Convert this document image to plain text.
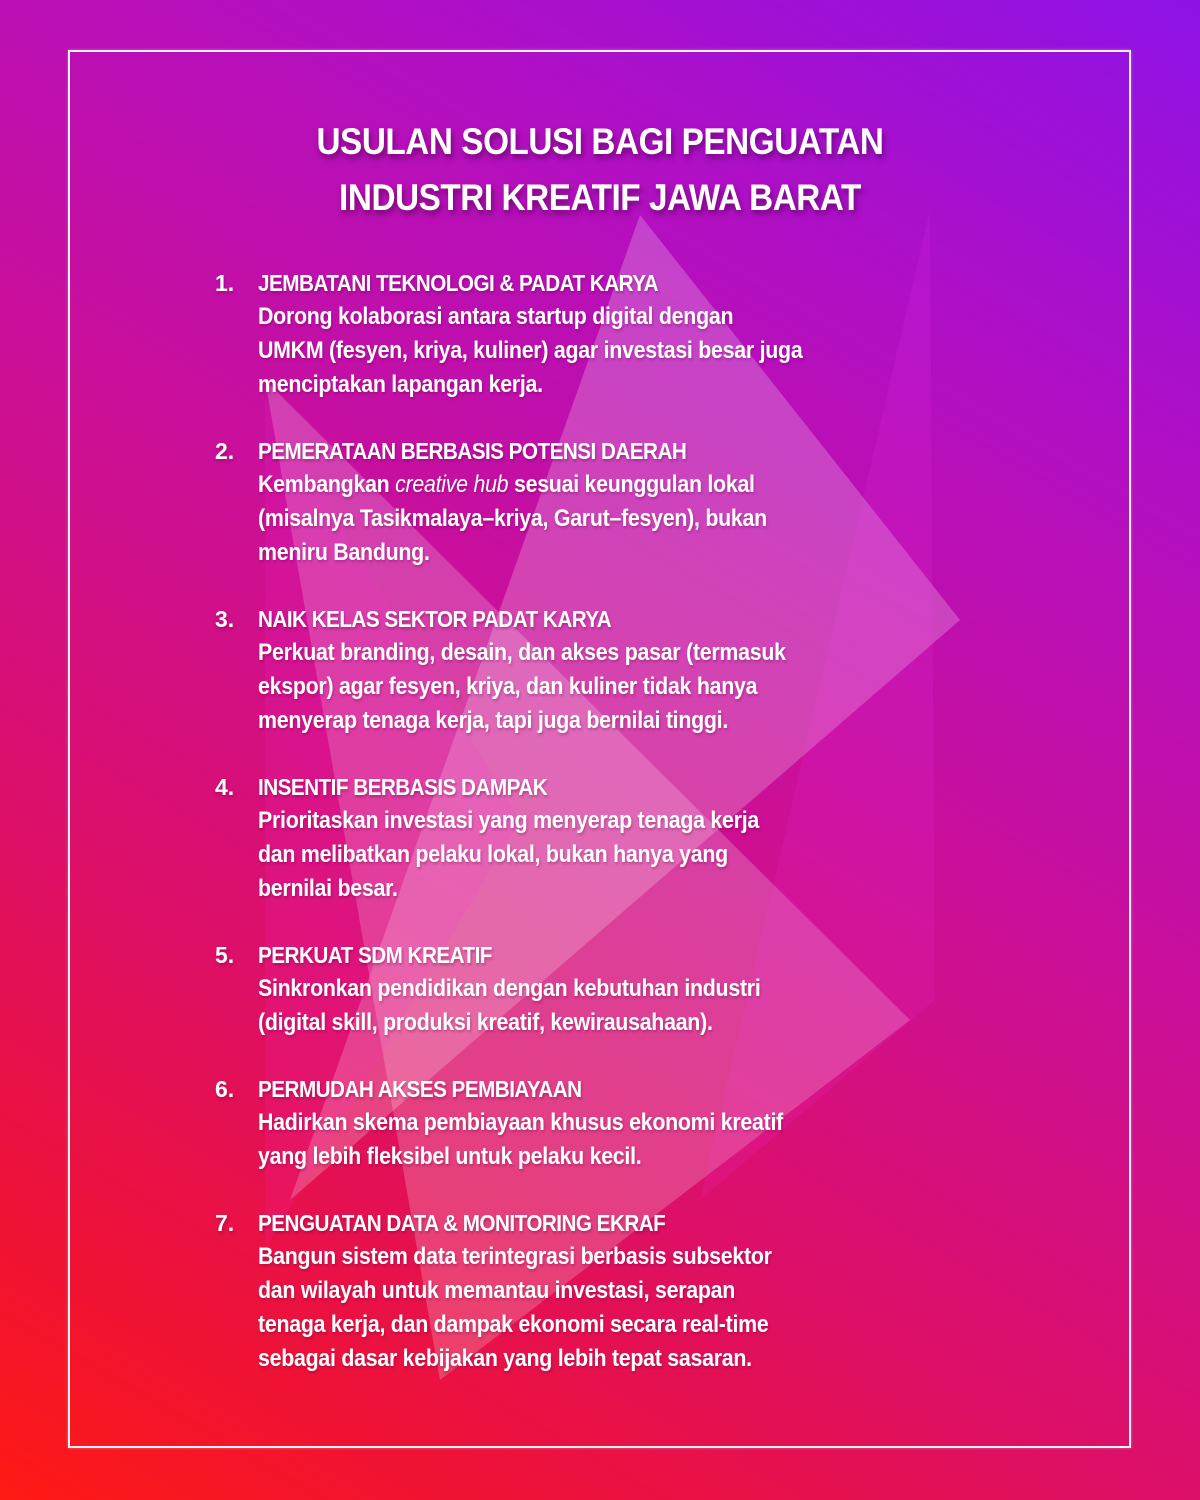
USULAN SOLUSI BAGI PENGUATAN
INDUSTRI KREATIF JAWA BARAT
1. JEMBATANI TEKNOLOGI & PADAT KARYA
Dorong kolaborasi antara startup digital dengan
UMKM (fesyen, kriya, kuliner) agar investasi besar juga
menciptakan lapangan kerja.
2. PEMERATAAN BERBASIS POTENSI DAERAH
Kembangkan creative hub sesuai keunggulan lokal
(misalnya Tasikmalaya–kriya, Garut–fesyen), bukan
meniru Bandung.
3. NAIK KELAS SEKTOR PADAT KARYA
Perkuat branding, desain, dan akses pasar (termasuk
ekspor) agar fesyen, kriya, dan kuliner tidak hanya
menyerap tenaga kerja, tapi juga bernilai tinggi.
4. INSENTIF BERBASIS DAMPAK
Prioritaskan investasi yang menyerap tenaga kerja
dan melibatkan pelaku lokal, bukan hanya yang
bernilai besar.
5. PERKUAT SDM KREATIF
Sinkronkan pendidikan dengan kebutuhan industri
(digital skill, produksi kreatif, kewirausahaan).
6. PERMUDAH AKSES PEMBIAYAAN
Hadirkan skema pembiayaan khusus ekonomi kreatif
yang lebih fleksibel untuk pelaku kecil.
7. PENGUATAN DATA & MONITORING EKRAF
Bangun sistem data terintegrasi berbasis subsektor
dan wilayah untuk memantau investasi, serapan
tenaga kerja, dan dampak ekonomi secara real-time
sebagai dasar kebijakan yang lebih tepat sasaran.
